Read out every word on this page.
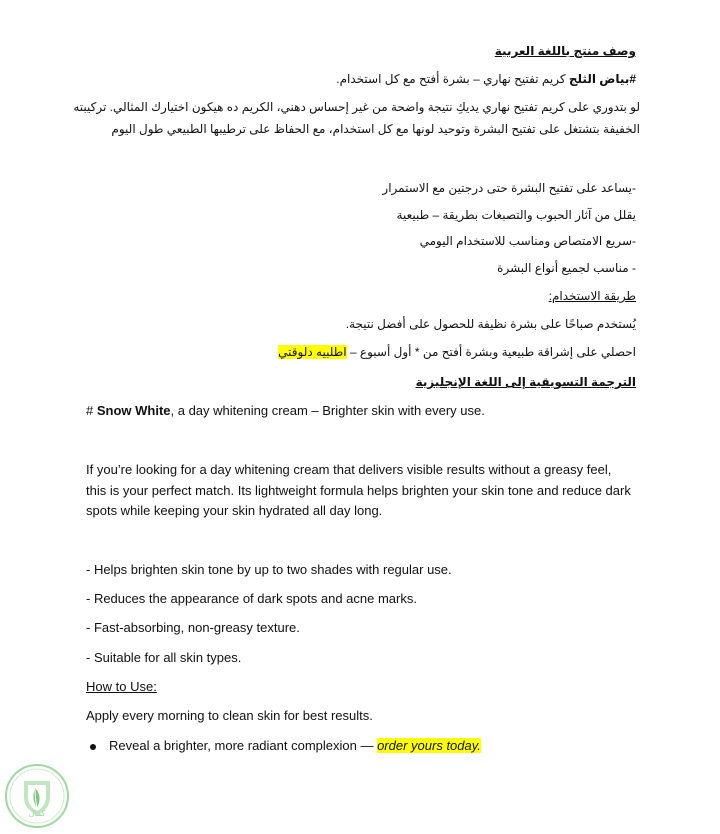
وصف منتج باللغة العربية
#بياض الثلج كريم تفتيح نهاري – بشرة أفتح مع كل استخدام.
لو بتدوري على كريم تفتيح نهاري يديكِ نتيجة واضحة من غير إحساس دهني، الكريم ده هيكون اختيارك المثالي. تركيبته
الخفيفة بتشتغل على تفتيح البشرة وتوحيد لونها مع كل استخدام، مع الحفاظ على ترطيبها الطبيعي طول اليوم
-يساعد على تفتيح البشرة حتى درجتين مع الاستمرار
يقلل من آثار الحبوب والتصبغات بطريقة – طبيعية
-سريع الامتصاص ومناسب للاستخدام اليومي
- مناسب لجميع أنواع البشرة
طريقة الاستخدام:
يُستخدم صباحًا على بشرة نظيفة للحصول على أفضل نتيجة.
احصلي على إشراقة طبيعية وبشرة أفتح من * أول أسبوع – اطلبيه دلوقتي
الترجمة التسويقية إلى اللغة الإنجليزية
# Snow White, a day whitening cream – Brighter skin with every use.
If you’re looking for a day whitening cream that delivers visible results without a greasy feel, this is your perfect match. Its lightweight formula helps brighten your skin tone and reduce dark spots while keeping your skin hydrated all day long.
- Helps brighten skin tone by up to two shades with regular use.
- Reduces the appearance of dark spots and acne marks.
- Fast-absorbing, non-greasy texture.
- Suitable for all skin types.
How to Use:
Apply every morning to clean skin for best results.
Reveal a brighter, more radiant complexion — order yours today.
كمال
